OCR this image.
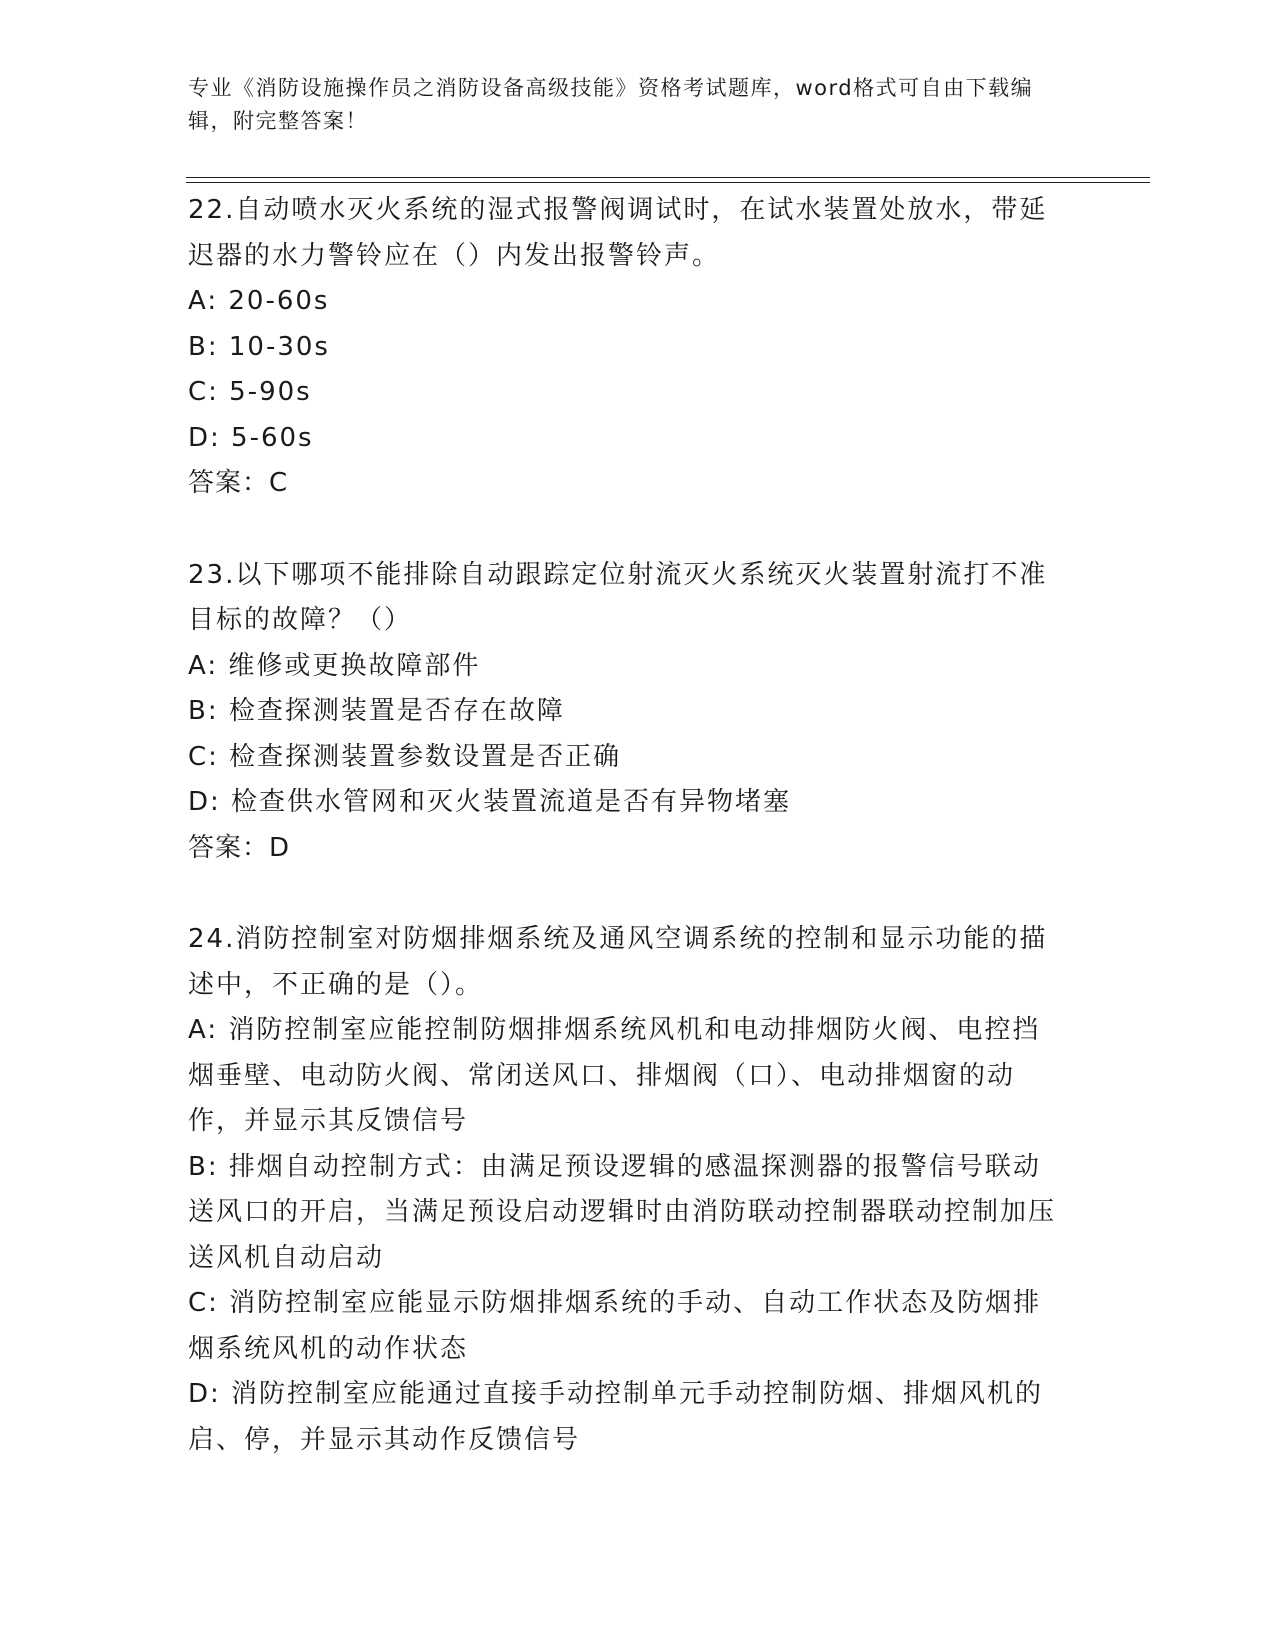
专业《消防设施操作员之消防设备高级技能》资格考试题库，word格式可自由下载编辑，附完整答案！

22.自动喷水灭火系统的湿式报警阀调试时，在试水装置处放水，带延迟器的水力警铃应在（）内发出报警铃声。

A: 20-60s

B: 10-30s

C: 5-90s

D: 5-60s

答案：C

23.以下哪项不能排除自动跟踪定位射流灭火系统灭火装置射流打不准目标的故障？（）

A: 维修或更换故障部件

B: 检查探测装置是否存在故障

C: 检查探测装置参数设置是否正确

D: 检查供水管网和灭火装置流道是否有异物堵塞

答案：D

24.消防控制室对防烟排烟系统及通风空调系统的控制和显示功能的描述中，不正确的是（）。

A: 消防控制室应能控制防烟排烟系统风机和电动排烟防火阀、电控挡烟垂壁、电动防火阀、常闭送风口、排烟阀（口）、电动排烟窗的动作，并显示其反馈信号

B: 排烟自动控制方式：由满足预设逻辑的感温探测器的报警信号联动送风口的开启，当满足预设启动逻辑时由消防联动控制器联动控制加压送风机自动启动

C: 消防控制室应能显示防烟排烟系统的手动、自动工作状态及防烟排烟系统风机的动作状态

D: 消防控制室应能通过直接手动控制单元手动控制防烟、排烟风机的启、停，并显示其动作反馈信号
